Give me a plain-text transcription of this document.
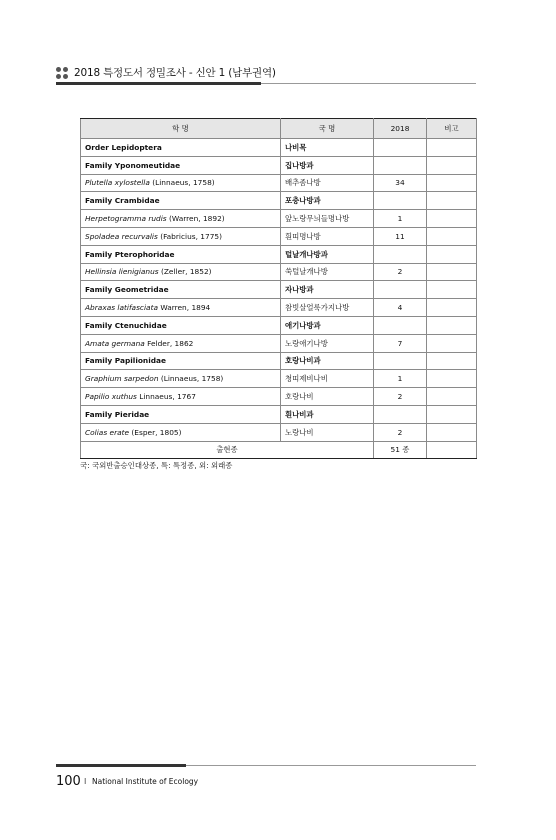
2018 특정도서 정밀조사 - 신안 1 (남부권역)
학 명	국 명	2018	비고
Order Lepidoptera	나비목		
Family Yponomeutidae	집나방과		
Plutella xylostella (Linnaeus, 1758)	배추좀나방	34	
Family Crambidae	포충나방과		
Herpetogramma rudis (Warren, 1892)	앞노랑무늬들명나방	1	
Spoladea recurvalis (Fabricius, 1775)	흰띠명나방	11	
Family Pterophoridae	털날개나방과		
Hellinsia lienigianus (Zeller, 1852)	쑥털날개나방	2	
Family Geometridae	자나방과		
Abraxas latifasciata Warren, 1894	참빗살얼룩가지나방	4	
Family Ctenuchidae	애기나방과		
Amata germana Felder, 1862	노랑애기나방	7	
Family Papilionidae	호랑나비과		
Graphium sarpedon (Linnaeus, 1758)	청띠제비나비	1	
Papilio xuthus Linnaeus, 1767	호랑나비	2	
Family Pieridae	흰나비과		
Colias erate (Esper, 1805)	노랑나비	2	
출현종		51 종	
국: 국외반출승인대상종, 특: 특정종, 외: 외래종
100 I National Institute of Ecology
